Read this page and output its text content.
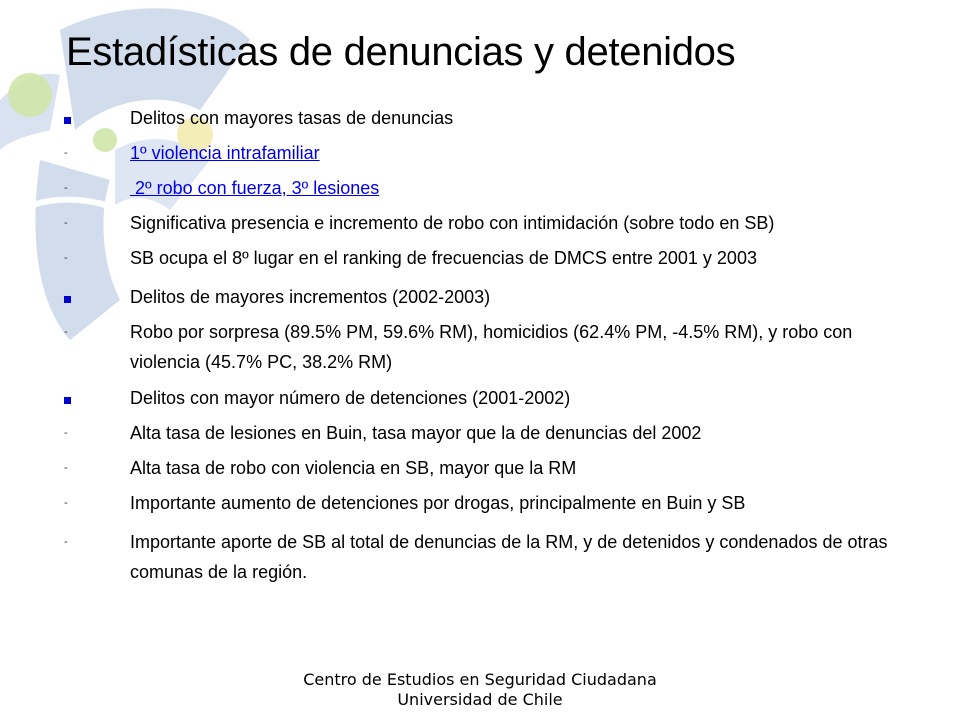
Estadísticas de denuncias y detenidos
Delitos con mayores tasas de denuncias
-	1º violencia intrafamiliar
-	2º robo con fuerza, 3º lesiones
-	Significativa presencia e incremento de robo con intimidación (sobre todo en SB)
-	SB ocupa el 8º lugar en el ranking de frecuencias de DMCS entre 2001 y 2003
Delitos de mayores incrementos (2002-2003)
-	Robo por sorpresa (89.5% PM, 59.6% RM), homicidios (62.4% PM, -4.5% RM), y robo con violencia (45.7% PC, 38.2% RM)
Delitos con mayor número de detenciones (2001-2002)
-	Alta tasa de lesiones en Buin, tasa mayor que la de denuncias del 2002
-	Alta tasa de robo con violencia en SB, mayor que la RM
-	Importante aumento de detenciones por drogas, principalmente en Buin y SB
-	Importante aporte de SB al total de denuncias de la RM, y de detenidos y condenados de otras comunas de la región.
Centro de Estudios en Seguridad Ciudadana
Universidad de Chile
